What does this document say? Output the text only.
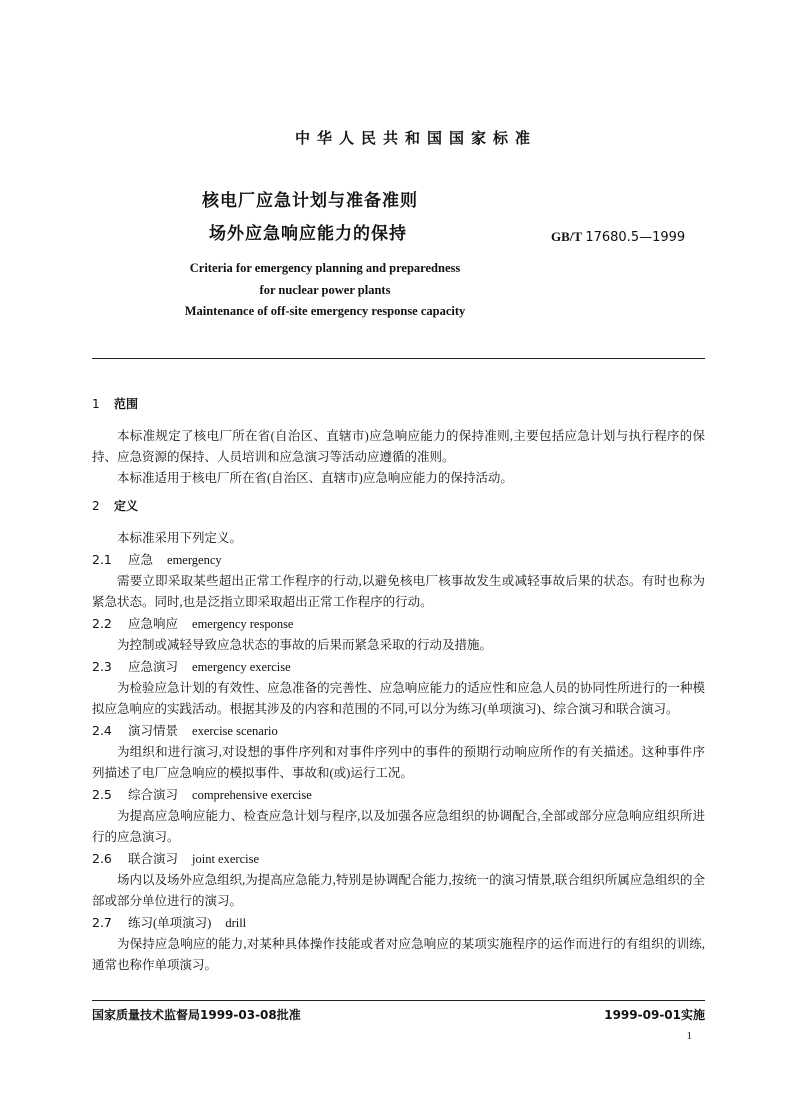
中华人民共和国国家标准
核电厂应急计划与准备准则
场外应急响应能力的保持	GB/T 17680.5—1999
Criteria for emergency planning and preparedness
for nuclear power plants
Maintenance of off-site emergency response capacity

1 范围

本标准规定了核电厂所在省(自治区、直辖市)应急响应能力的保持准则,主要包括应急计划与执行程序的保持、应急资源的保持、人员培训和应急演习等活动应遵循的准则。

本标准适用于核电厂所在省(自治区、直辖市)应急响应能力的保持活动。

2 定义

本标准采用下列定义。

2.1 应急 emergency

需要立即采取某些超出正常工作程序的行动,以避免核电厂核事故发生或减轻事故后果的状态。有时也称为紧急状态。同时,也是泛指立即采取超出正常工作程序的行动。

2.2 应急响应 emergency response

为控制或减轻导致应急状态的事故的后果而紧急采取的行动及措施。

2.3 应急演习 emergency exercise

为检验应急计划的有效性、应急准备的完善性、应急响应能力的适应性和应急人员的协同性所进行的一种模拟应急响应的实践活动。根据其涉及的内容和范围的不同,可以分为练习(单项演习)、综合演习和联合演习。

2.4 演习情景 exercise scenario

为组织和进行演习,对设想的事件序列和对事件序列中的事件的预期行动响应所作的有关描述。这种事件序列描述了电厂应急响应的模拟事件、事故和(或)运行工况。

2.5 综合演习 comprehensive exercise

为提高应急响应能力、检查应急计划与程序,以及加强各应急组织的协调配合,全部或部分应急响应组织所进行的应急演习。

2.6 联合演习 joint exercise

场内以及场外应急组织,为提高应急能力,特别是协调配合能力,按统一的演习情景,联合组织所属应急组织的全部或部分单位进行的演习。

2.7 练习(单项演习) drill

为保持应急响应的能力,对某种具体操作技能或者对应急响应的某项实施程序的运作而进行的有组织的训练,通常也称作单项演习。

国家质量技术监督局1999-03-08批准	1999-09-01实施
1
